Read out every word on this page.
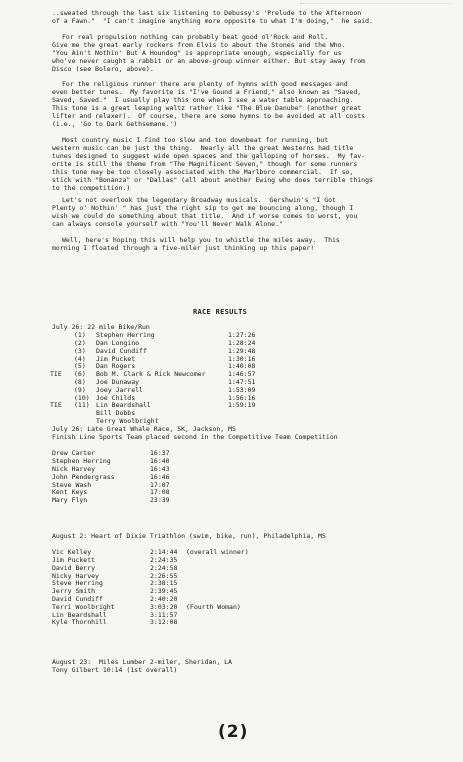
..sweated through the last six listening to Debussy's 'Prelude to the Afternoon
of a Fawn."  "I can't imagine anything more opposite to what I'm doing,"  he said.
For real propulsion nothing can probably beat good ol'Rock and Roll.
Give me the great early rockers from Elvis to about the Stones and the Who.
"You Ain't Nothin' But A Houndog" is appropriate enough, especially for us
who've never caught a rabbit or an above-group winner either. But stay away from
Disco (see Bolero, above).
For the religious runner there are plenty of hymns with good messages and
even better tunes.  My favorite is "I've Gound a Friend," also known as "Saved,
Saved, Saved."  I usually play this one when I see a water table approaching.
This tune is a great leaping waltz rather like "The Blue Danube" (another great
lifter and relaxer).  Of course, there are some hymns to be avoided at all costs
(i.e., 'Go to Dark Gethsemane.')
Most country music I find too slow and too downbeat for running, but
western music can be just the thing.  Nearly all the great Westerns had title
tunes designed to suggest wide open spaces and the galloping of horses.  My fav-
orite is still the theme from "The Magnificent Seven," though for some runners
this tune may be too closely associated with the Marlboro commercial.  If so,
stick with "Bonanza" or "Dallas" (all about another Ewing who does terrible things
to the competition.)
Let's not overlook the legendary Broadway musicals.  Gershwin's "I Got
Plenty o' Nothin' " has just the right sip to get me bouncing along, though I
wish we could do something about that title.  And if worse comes to worst, you
can always console yourself with "You'll Never Walk Alone."
Well, here's hoping this will help you to whistle the miles away.  This
morning I floated through a five-miler just thinking up this paper!
RACE RESULTS
July 26: 22 mile Bike/Run
(1) Stephen Herring	1:27:26
(2) Dan Longino	1:28:24
(3) David Cundiff	1:29:48
(4) Jim Pucket	1:30:16
(5) Dan Rogers	1:40:08
TIE (6) Bob M. Clark & Rick Newcomer	1:46:57
(8) Joe Dunaway	1:47:51
(9) Joey Jarrell	1:53:09
(10) Joe Childs	1:56:16
TIE (11) Lin Beardshall	1:59:19
Bill Dobbs
Terry Woolbright
July 26: Late Great Whale Race, 5K, Jackson, MS
Finish Line Sports Team placed second in the Competitive Team Competition
Drew Carter	16:37
Stephen Herring	16:40
Nick Harvey	16:43
John Pendergrass	16:46
Steve Wash	17:07
Kent Keys	17:08
Mary Flyn	23:39
August 2: Heart of Dixie Triathlon (swim, bike, run), Philadelphia, MS
Vic Kelley	2:14:44 (overall winner)
Jim Puckett	2:24:35
David Berry	2:24:58
Nicky Harvey	2:26:55
Steve Herring	2:38:15
Jerry Smith	2:39:45
David Cundiff	2:40:20
Terri Woolbright	3:03:20 (Fourth Woman)
Lin Beardshall	3:11:57
Kyle Thornhill	3:12:08
August 23:  Miles Lumber 2-miler, Sheridan, LA
Tony Gilbert 10:14 (1st overall)
(2)
